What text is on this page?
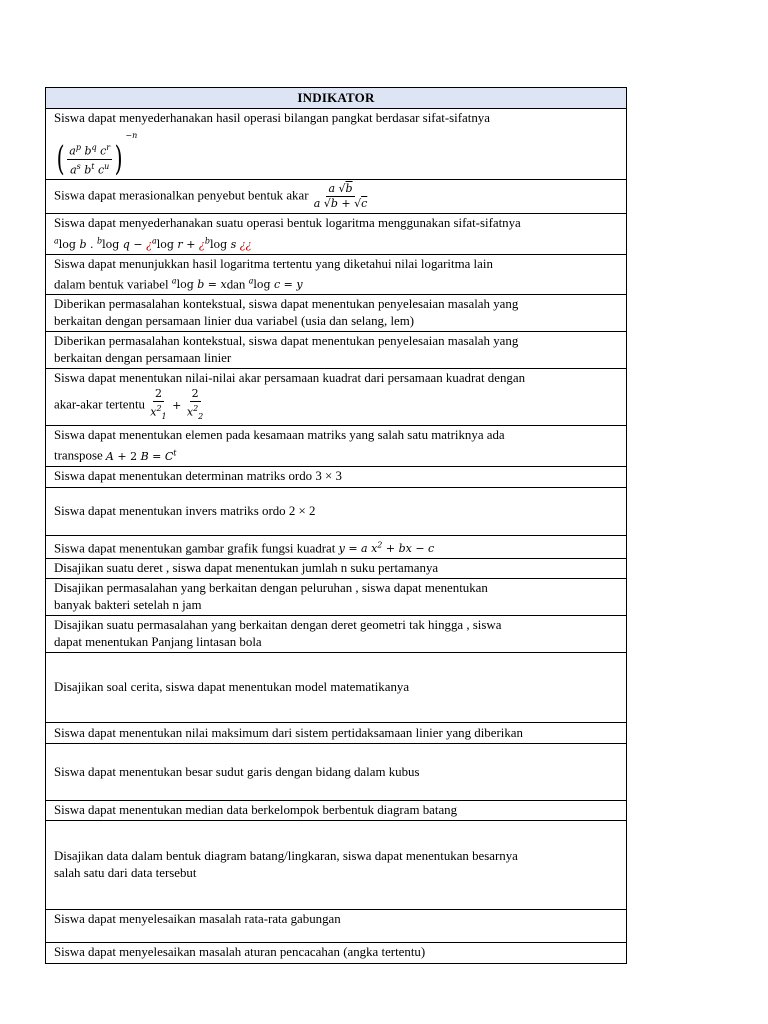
INDIKATOR

Siswa dapat menyederhanakan hasil operasi bilangan pangkat berdasar sifat-sifatnya
( $\frac{a^p b^q c^r}{a^s b^t c^u} )^{-n}$
Siswa dapat merasionalkan penyebut bentuk akar $\frac{a √b}{a √b + √c}$

Siswa dapat menyederhanakan suatu operasi bentuk logaritma menggunakan sifat-sifatnya
$^a$log b . $^b$log q − ¿$^a$log r + ¿$^b$log s ¿¿

Siswa dapat menunjukkan hasil logaritma tertentu yang diketahui nilai logaritma lain
dalam bentuk variabel $^a$log b = xdan $^a$log c = y

Diberikan permasalahan kontekstual, siswa dapat menentukan penyelesaian masalah yang
berkaitan dengan persamaan linier dua variabel (usia dan selang, lem)

Diberikan permasalahan kontekstual, siswa dapat menentukan penyelesaian masalah yang
berkaitan dengan persamaan linier

Siswa dapat menentukan nilai-nilai akar persamaan kuadrat dari persamaan kuadrat dengan
akar-akar tertentu $\frac{2}{x^2_1} + \frac{2}{x^2_2}$

Siswa dapat menentukan elemen pada kesamaan matriks yang salah satu matriknya ada
transpose A + 2 $B = C^t$

Siswa dapat menentukan determinan matriks ordo 3 × 3

Siswa dapat menentukan invers matriks ordo 2 × 2

Siswa dapat menentukan gambar grafik fungsi kuadrat y = a $x^2$ + bx − c

Disajikan suatu deret , siswa dapat menentukan jumlah n suku pertamanya

Disajikan permasalahan yang berkaitan dengan peluruhan , siswa dapat menentukan
banyak bakteri setelah n jam

Disajikan suatu permasalahan yang berkaitan dengan deret geometri tak hingga , siswa
dapat menentukan Panjang lintasan bola

Disajikan soal cerita, siswa dapat menentukan model matematikanya

Siswa dapat menentukan nilai maksimum dari sistem pertidaksamaan linier yang diberikan

Siswa dapat menentukan besar sudut garis dengan bidang dalam kubus

Siswa dapat menentukan median data berkelompok berbentuk diagram batang

Disajikan data dalam bentuk diagram batang/lingkaran, siswa dapat menentukan besarnya
salah satu dari data tersebut

Siswa dapat menyelesaikan masalah rata-rata gabungan

Siswa dapat menyelesaikan masalah aturan pencacahan (angka tertentu)
